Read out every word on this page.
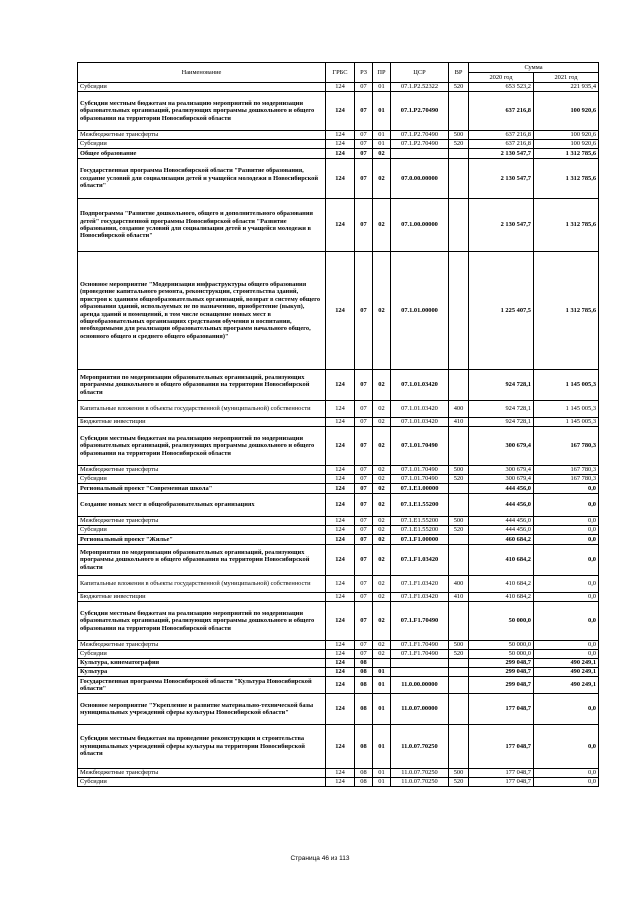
Наименование	ГРБС	РЗ	ПР	ЦСР	ВР	Сумма	
						2020 год	2021 год
Субсидии	124	07	01	07.1.P2.52322	520	653 523,2	221 935,4
Субсидии местным бюджетам на реализацию мероприятий по модернизации образовательных организаций, реализующих программы дошкольного и общего образования на территории Новосибирской области	124	07	01	07.1.P2.70490		637 216,8	100 920,6
Межбюджетные трансферты	124	07	01	07.1.P2.70490	500	637 216,8	100 920,6
Субсидии	124	07	01	07.1.P2.70490	520	637 216,8	100 920,6
Общее образование	124	07	02			2 130 547,7	1 312 785,6
Государственная программа Новосибирской области "Развитие образования, создание условий для социализации детей и учащейся молодежи в Новосибирской области"	124	07	02	07.0.00.00000		2 130 547,7	1 312 785,6
Подпрограмма "Развитие дошкольного, общего и дополнительного образования детей" государственной программы Новосибирской области "Развитие образования, создание условий для социализации детей и учащейся молодежи в Новосибирской области"	124	07	02	07.1.00.00000		2 130 547,7	1 312 785,6
Основное мероприятие "Модернизация инфраструктуры общего образования (проведение капитального ремонта, реконструкции, строительства зданий, пристроя к зданиям общеобразовательных организаций, возврат в систему общего образования зданий, используемых не по назначению, приобретение (выкуп), аренда зданий и помещений, в том числе оснащение новых мест в общеобразовательных организациях средствами обучения и воспитания, необходимыми для реализации образовательных программ начального общего, основного общего и среднего общего образования)"	124	07	02	07.1.01.00000		1 225 407,5	1 312 785,6
Мероприятия по модернизации образовательных организаций, реализующих программы дошкольного и общего образования на территории Новосибирской области	124	07	02	07.1.01.03420		924 728,1	1 145 005,3
Капитальные вложения в объекты государственной (муниципальной) собственности	124	07	02	07.1.01.03420	400	924 728,1	1 145 005,3
Бюджетные инвестиции	124	07	02	07.1.01.03420	410	924 728,1	1 145 005,3
Субсидии местным бюджетам на реализацию мероприятий по модернизации образовательных организаций, реализующих программы дошкольного и общего образования на территории Новосибирской области	124	07	02	07.1.01.70490		300 679,4	167 780,3
Межбюджетные трансферты	124	07	02	07.1.01.70490	500	300 679,4	167 780,3
Субсидии	124	07	02	07.1.01.70490	520	300 679,4	167 780,3
Региональный проект "Современная школа"	124	07	02	07.1.E1.00000		444 456,0	0,0
Создание новых мест в общеобразовательных организациях	124	07	02	07.1.E1.55200		444 456,0	0,0
Межбюджетные трансферты	124	07	02	07.1.E1.55200	500	444 456,0	0,0
Субсидии	124	07	02	07.1.E1.55200	520	444 456,0	0,0
Региональный проект "Жилье"	124	07	02	07.1.F1.00000		460 684,2	0,0
Мероприятия по модернизации образовательных организаций, реализующих программы дошкольного и общего образования на территории Новосибирской области	124	07	02	07.1.F1.03420		410 684,2	0,0
Капитальные вложения в объекты государственной (муниципальной) собственности	124	07	02	07.1.F1.03420	400	410 684,2	0,0
Бюджетные инвестиции	124	07	02	07.1.F1.03420	410	410 684,2	0,0
Субсидии местным бюджетам на реализацию мероприятий по модернизации образовательных организаций, реализующих программы дошкольного и общего образования на территории Новосибирской области	124	07	02	07.1.F1.70490		50 000,0	0,0
Межбюджетные трансферты	124	07	02	07.1.F1.70490	500	50 000,0	0,0
Субсидии	124	07	02	07.1.F1.70490	520	50 000,0	0,0
Культура, кинематография	124	08				299 048,7	490 249,1
Культура	124	08	01			299 048,7	490 249,1
Государственная программа Новосибирской области "Культура Новосибирской области"	124	08	01	11.0.00.00000		299 048,7	490 249,1
Основное мероприятие "Укрепление и развитие материально-технической базы муниципальных учреждений сферы культуры Новосибирской области"	124	08	01	11.0.07.00000		177 048,7	0,0
Субсидии местным бюджетам на проведение реконструкции и строительства муниципальных учреждений сферы культуры на территории Новосибирской области	124	08	01	11.0.07.70250		177 048,7	0,0
Межбюджетные трансферты	124	08	01	11.0.07.70250	500	177 048,7	0,0
Субсидии	124	08	01	11.0.07.70250	520	177 048,7	0,0
Страница 46 из 113
